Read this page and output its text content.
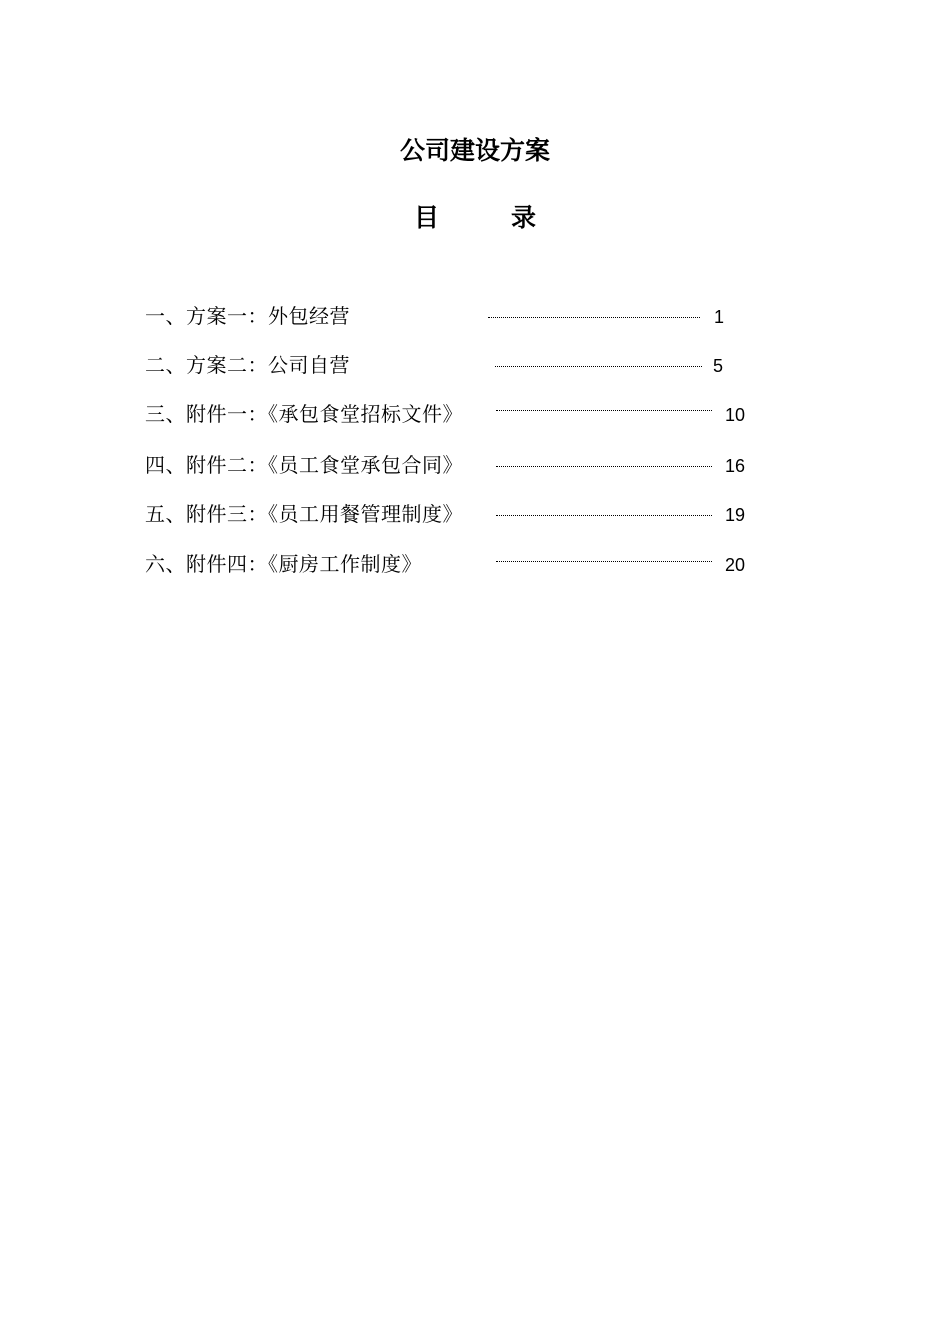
公司建设方案
目	录
一、方案一：外包经营	1
二、方案二：公司自营	5
三、附件一：《承包食堂招标文件》	10
四、附件二：《员工食堂承包合同》	16
五、附件三：《员工用餐管理制度》	19
六、附件四：《厨房工作制度》	20
